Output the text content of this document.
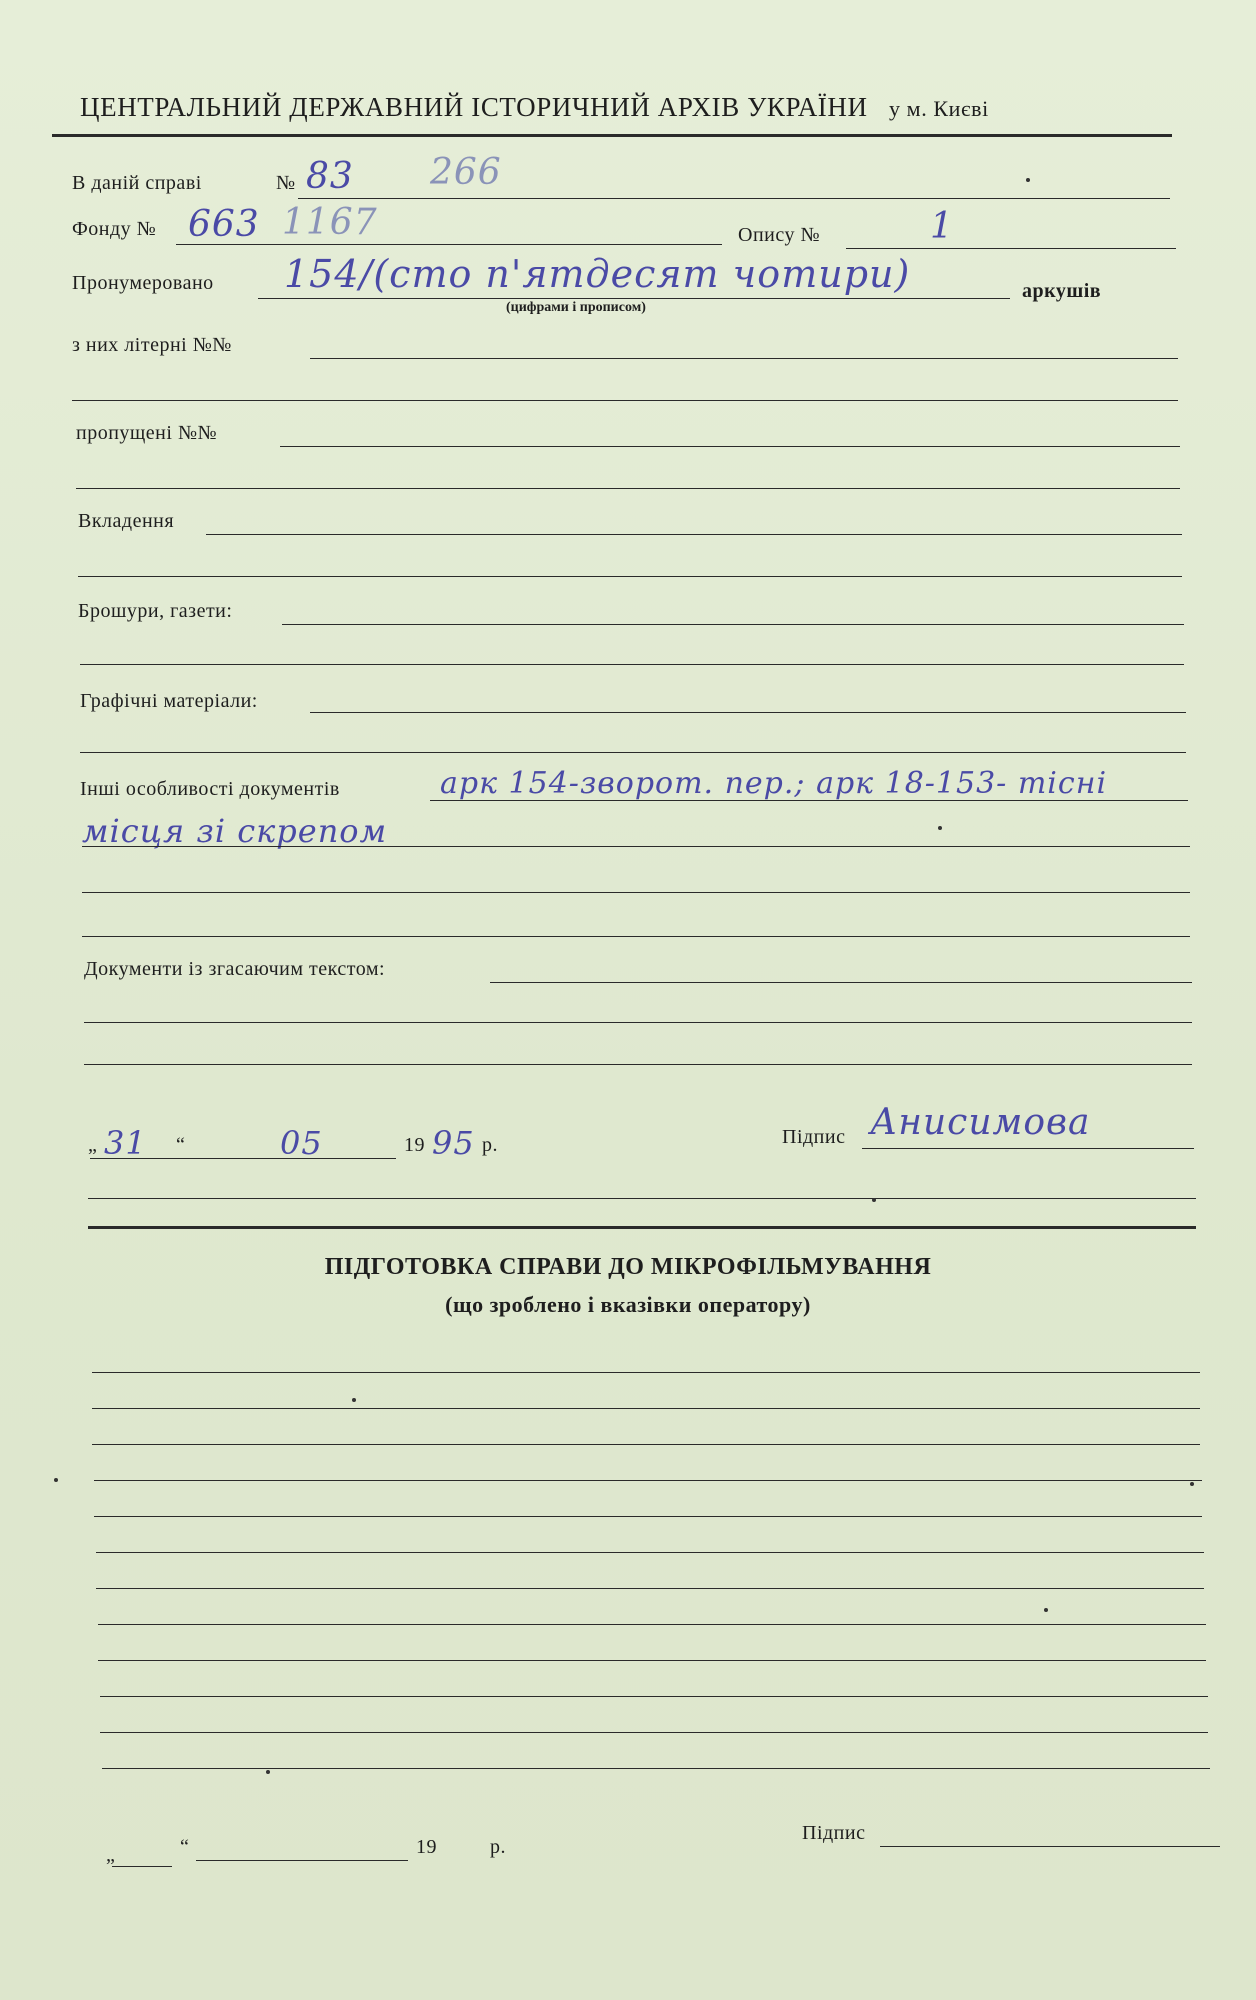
ЦЕНТРАЛЬНИЙ ДЕРЖАВНИЙ ІСТОРИЧНИЙ АРХІВ УКРАЇНИ у м. Києві
В даній справі	№ 83 266
Фонду № 663 1167	Опису №	1
Пронумеровано 154/(сто п'ятдесят чотири)
(цифрами і прописом)
аркушів
з них літерні №№
пропущені №№
Вкладення
Брошури, газети:
Графічні матеріали:
Інші особливості документів	арк 154-зворот. пер.; арк 18-153- тісні
місця зі скрепом
Документи із згасаючим текстом:
„ 31 “	05	19 95 р.	Підпис Анисимова
ПІДГОТОВКА СПРАВИ ДО МІКРОФІЛЬМУВАННЯ
(що зроблено і вказівки оператору)
„	“	19	р.
Підпис
